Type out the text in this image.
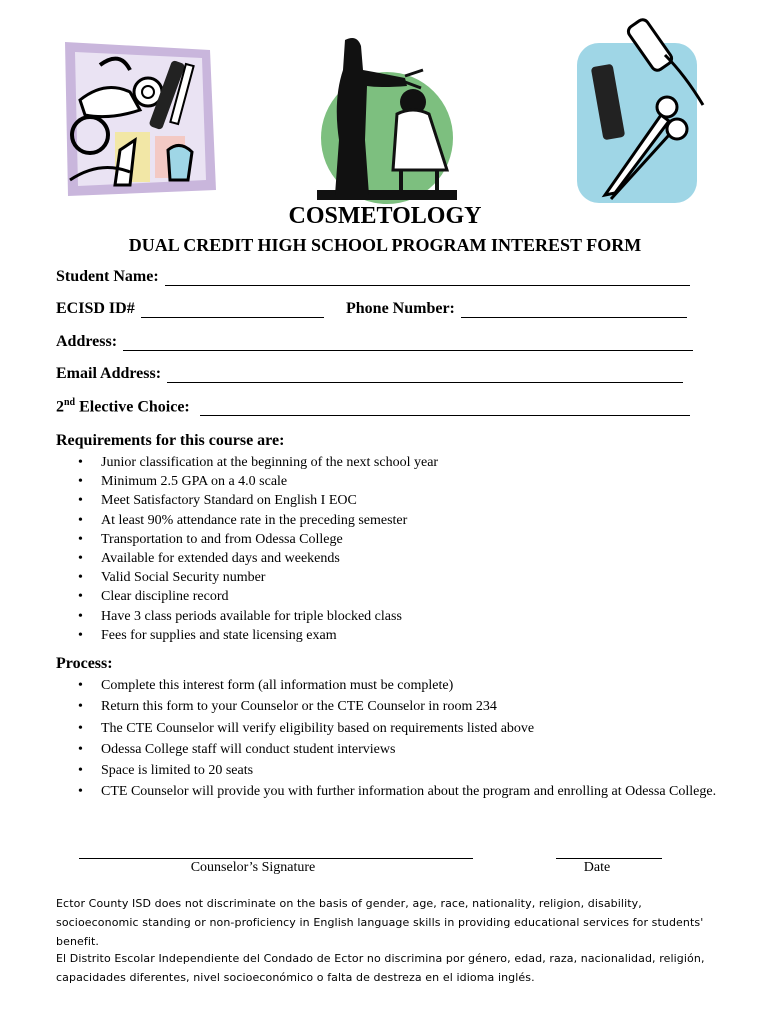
COSMETOLOGY
DUAL CREDIT HIGH SCHOOL PROGRAM INTEREST FORM
Student Name:
ECISD ID#	Phone Number:
Address:
Email Address:
2nd Elective Choice:
Requirements for this course are:
• Junior classification at the beginning of the next school year
• Minimum 2.5 GPA on a 4.0 scale
• Meet Satisfactory Standard on English I EOC
• At least 90% attendance rate in the preceding semester
• Transportation to and from Odessa College
• Available for extended days and weekends
• Valid Social Security number
• Clear discipline record
• Have 3 class periods available for triple blocked class
• Fees for supplies and state licensing exam
Process:
• Complete this interest form (all information must be complete)
• Return this form to your Counselor or the CTE Counselor in room 234
• The CTE Counselor will verify eligibility based on requirements listed above
• Odessa College staff will conduct student interviews
• Space is limited to 20 seats
• CTE Counselor will provide you with further information about the program and enrolling at Odessa College.
Counselor’s Signature	Date
Ector County ISD does not discriminate on the basis of gender, age, race, nationality, religion, disability, socioeconomic standing or non-proficiency in English language skills in providing educational services for students' benefit.
El Distrito Escolar Independiente del Condado de Ector no discrimina por género, edad, raza, nacionalidad, religión, capacidades diferentes, nivel socioeconómico o falta de destreza en el idioma inglés.
